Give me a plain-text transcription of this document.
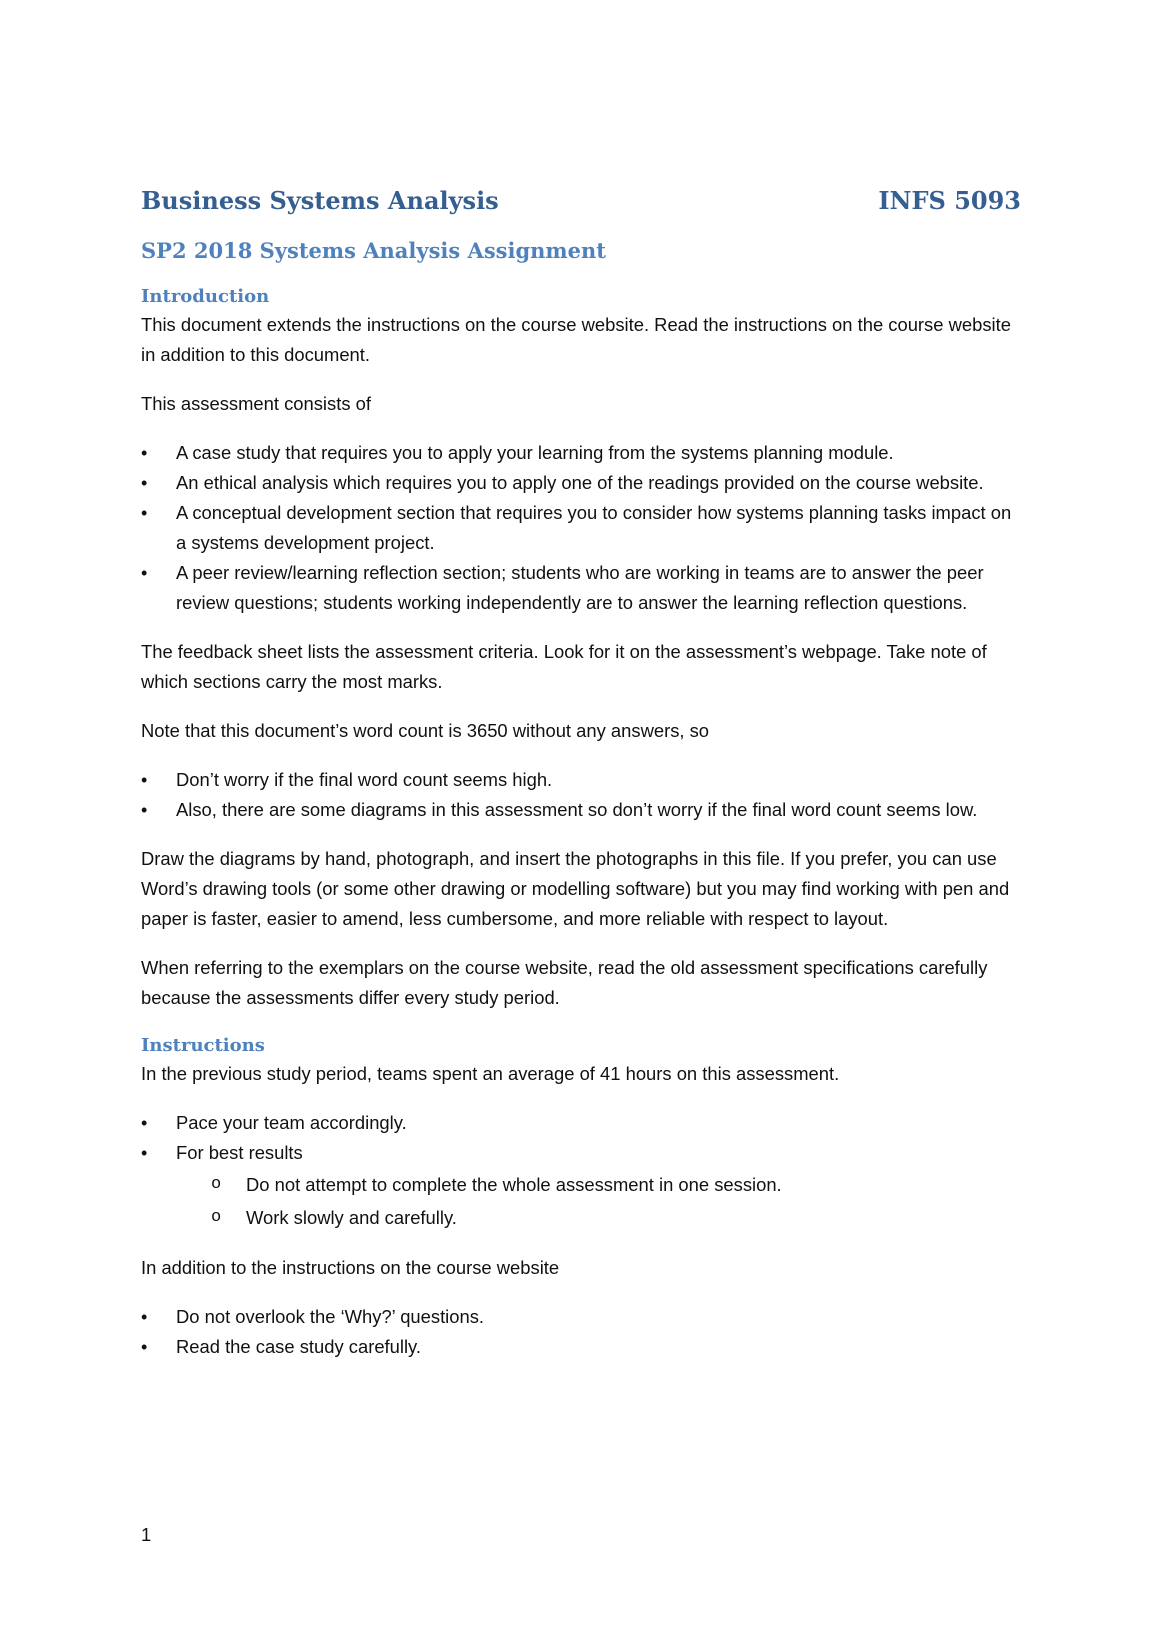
Business Systems Analysis	INFS 5093
SP2 2018 Systems Analysis Assignment
Introduction

This document extends the instructions on the course website. Read the instructions on the course website in addition to this document.

This assessment consists of

• A case study that requires you to apply your learning from the systems planning module.
• An ethical analysis which requires you to apply one of the readings provided on the course website.
• A conceptual development section that requires you to consider how systems planning tasks impact on a systems development project.
• A peer review/learning reflection section; students who are working in teams are to answer the peer review questions; students working independently are to answer the learning reflection questions.

The feedback sheet lists the assessment criteria. Look for it on the assessment’s webpage. Take note of which sections carry the most marks.

Note that this document’s word count is 3650 without any answers, so

• Don’t worry if the final word count seems high.
• Also, there are some diagrams in this assessment so don’t worry if the final word count seems low.

Draw the diagrams by hand, photograph, and insert the photographs in this file. If you prefer, you can use Word’s drawing tools (or some other drawing or modelling software) but you may find working with pen and paper is faster, easier to amend, less cumbersome, and more reliable with respect to layout.

When referring to the exemplars on the course website, read the old assessment specifications carefully because the assessments differ every study period.

Instructions

In the previous study period, teams spent an average of 41 hours on this assessment.

• Pace your team accordingly.
• For best results
o Do not attempt to complete the whole assessment in one session.
o Work slowly and carefully.

In addition to the instructions on the course website

• Do not overlook the ‘Why?’ questions.
• Read the case study carefully.
1
